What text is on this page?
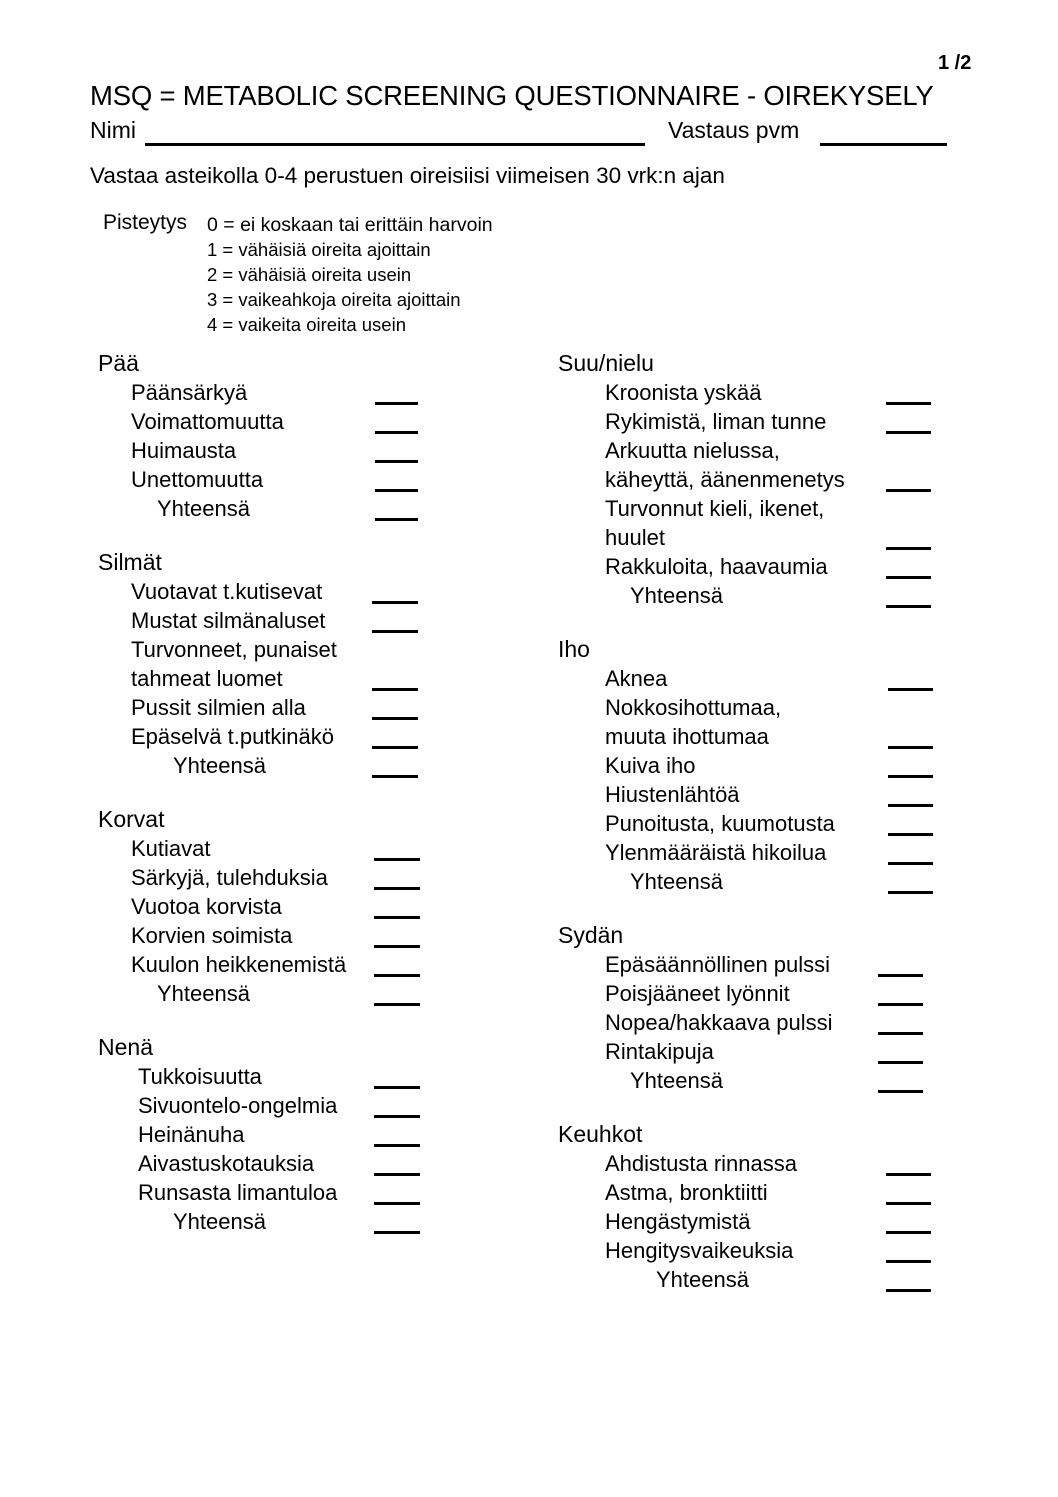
1 /2
MSQ = METABOLIC SCREENING QUESTIONNAIRE - OIREKYSELY
Nimi	Vastaus pvm
Vastaa asteikolla 0-4 perustuen oireisiisi viimeisen 30 vrk:n ajan
Pisteytys 0 = ei koskaan tai erittäin harvoin
1 = vähäisiä oireita ajoittain
2 = vähäisiä oireita usein
3 = vaikeahkoja oireita ajoittain
4 = vaikeita oireita usein
Pää
Päänsärkyä
Voimattomuutta
Huimausta
Unettomuutta
Yhteensä
Silmät
Vuotavat t.kutisevat
Mustat silmänaluset
Turvonneet, punaiset
tahmeat luomet
Pussit silmien alla
Epäselvä t.putkinäkö
Yhteensä
Korvat
Kutiavat
Särkyjä, tulehduksia
Vuotoa korvista
Korvien soimista
Kuulon heikkenemistä
Yhteensä
Nenä
Tukkoisuutta
Sivuontelo-ongelmia
Heinänuha
Aivastuskotauksia
Runsasta limantuloa
Yhteensä
Suu/nielu
Kroonista yskää
Rykimistä, liman tunne
Arkuutta nielussa,
käheyttä, äänenmenetys
Turvonnut kieli, ikenet,
huulet
Rakkuloita, haavaumia
Yhteensä
Iho
Aknea
Nokkosihottumaa,
muuta ihottumaa
Kuiva iho
Hiustenlähtöä
Punoitusta, kuumotusta
Ylenmääräistä hikoilua
Yhteensä
Sydän
Epäsäännöllinen pulssi
Poisjääneet lyönnit
Nopea/hakkaava pulssi
Rintakipuja
Yhteensä
Keuhkot
Ahdistusta rinnassa
Astma, bronktiitti
Hengästymistä
Hengitysvaikeuksia
Yhteensä
